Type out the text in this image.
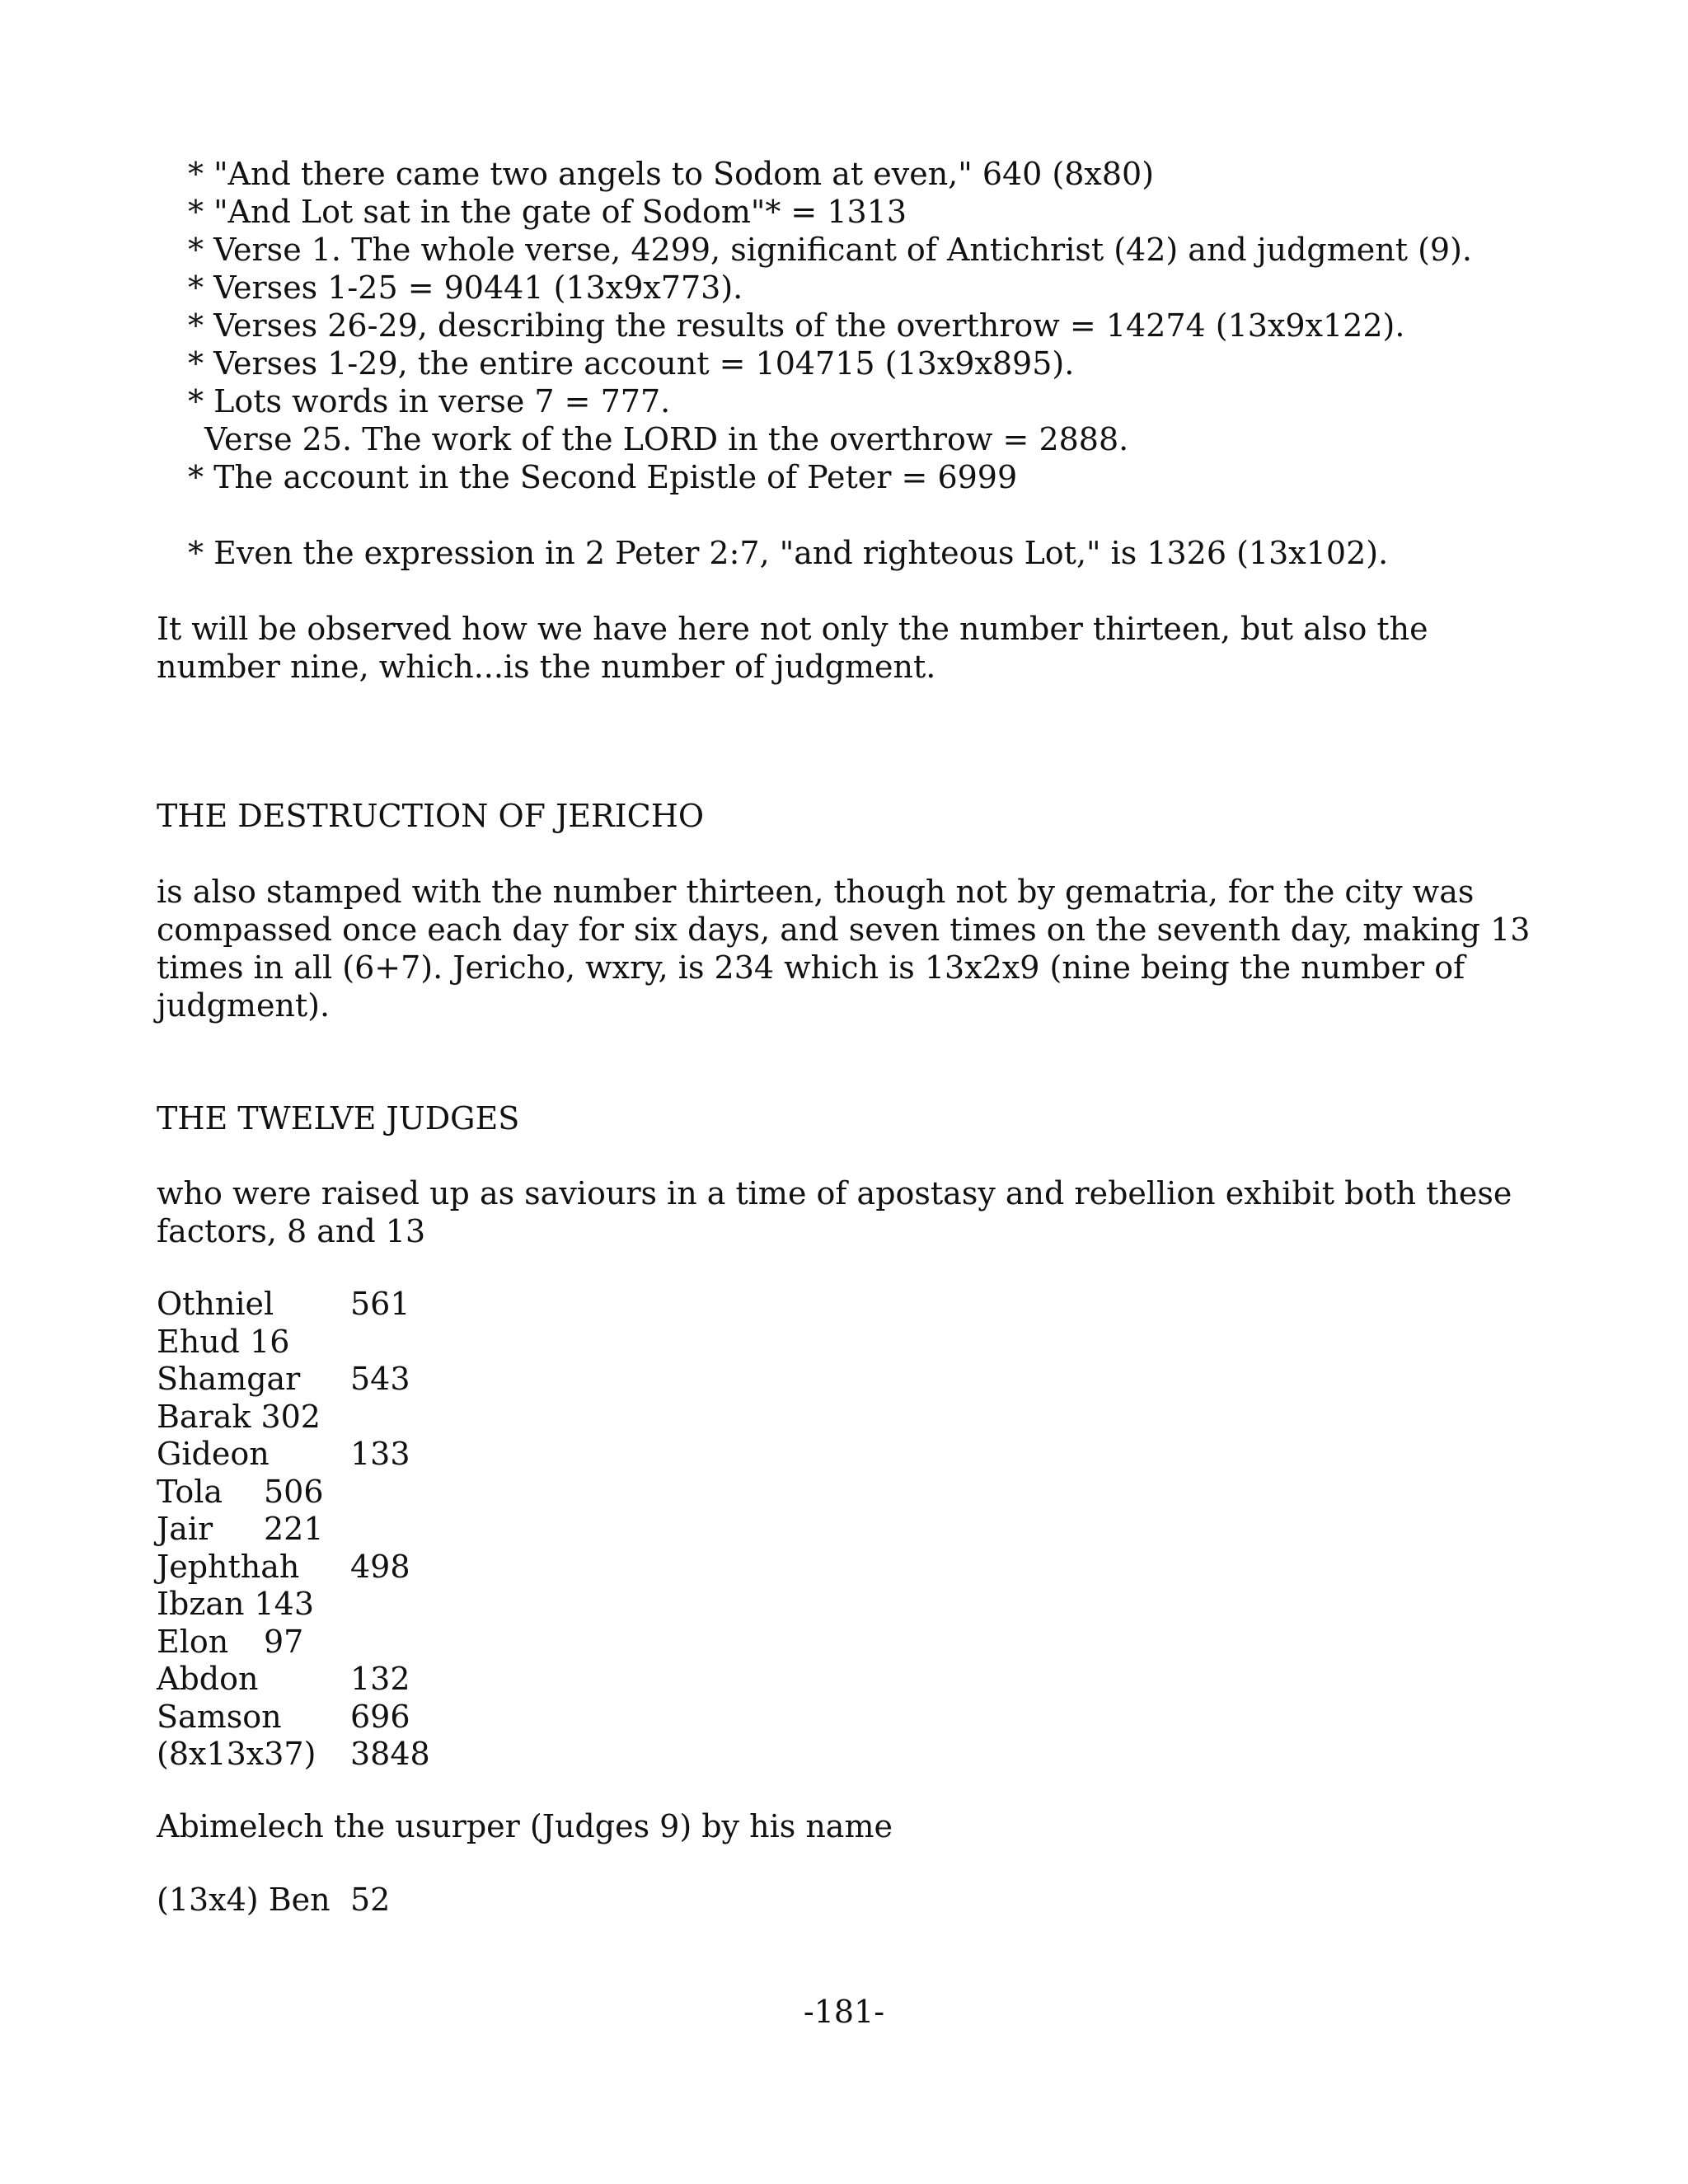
* "And there came two angels to Sodom at even," 640 (8x80)
* "And Lot sat in the gate of Sodom"* = 1313
* Verse 1. The whole verse, 4299, significant of Antichrist (42) and judgment (9).
* Verses 1-25 = 90441 (13x9x773).
* Verses 26-29, describing the results of the overthrow = 14274 (13x9x122).
* Verses 1-29, the entire account = 104715 (13x9x895).
* Lots words in verse 7 = 777.
Verse 25. The work of the LORD in the overthrow = 2888.
* The account in the Second Epistle of Peter = 6999
* Even the expression in 2 Peter 2:7, "and righteous Lot," is 1326 (13x102).
It will be observed how we have here not only the number thirteen, but also the number nine, which...is the number of judgment.
THE DESTRUCTION OF JERICHO
is also stamped with the number thirteen, though not by gematria, for the city was compassed once each day for six days, and seven times on the seventh day, making 13 times in all (6+7). Jericho, wxry, is 234 which is 13x2x9 (nine being the number of judgment).
THE TWELVE JUDGES
who were raised up as saviours in a time of apostasy and rebellion exhibit both these factors, 8 and 13
Othniel 561
Ehud 16
Shamgar 543
Barak 302
Gideon	133
Tola 506
Jair 221
Jephthah 498
Ibzan 143
Elon 97
Abdon	132
Samson 696
(8x13x37) 3848
Abimelech the usurper (Judges 9) by his name
(13x4) Ben 52
-181-
